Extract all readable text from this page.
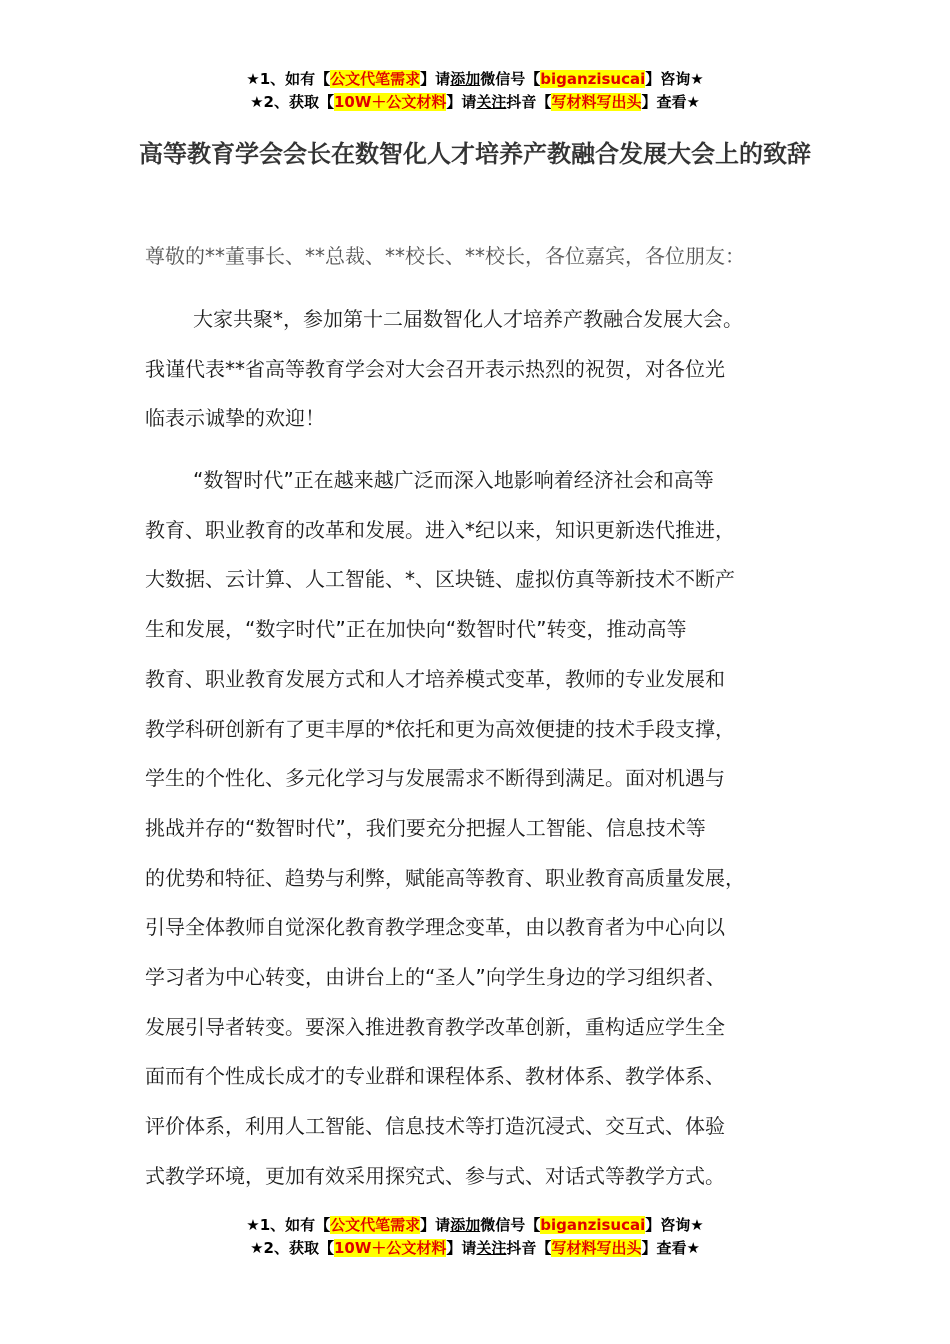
★1、如有【公文代笔需求】请添加微信号【biganzisucai】咨询★
★2、获取【10W＋公文材料】请关注抖音【写材料写出头】查看★
高等教育学会会长在数智化人才培养产教融合发展大会上的致辞

尊敬的**董事长、**总裁、**校长、**校长，各位嘉宾，各位朋友：

大家共聚*，参加第十二届数智化人才培养产教融合发展大会。
我谨代表**省高等教育学会对大会召开表示热烈的祝贺，对各位光
临表示诚挚的欢迎！

“数智时代”正在越来越广泛而深入地影响着经济社会和高等
教育、职业教育的改革和发展。进入*纪以来，知识更新迭代推进，
大数据、云计算、人工智能、*、区块链、虚拟仿真等新技术不断产
生和发展，“数字时代”正在加快向“数智时代”转变，推动高等
教育、职业教育发展方式和人才培养模式变革，教师的专业发展和
教学科研创新有了更丰厚的*依托和更为高效便捷的技术手段支撑，
学生的个性化、多元化学习与发展需求不断得到满足。面对机遇与
挑战并存的“数智时代”，我们要充分把握人工智能、信息技术等
的优势和特征、趋势与利弊，赋能高等教育、职业教育高质量发展，
引导全体教师自觉深化教育教学理念变革，由以教育者为中心向以
学习者为中心转变，由讲台上的“圣人”向学生身边的学习组织者、
发展引导者转变。要深入推进教育教学改革创新，重构适应学生全
面而有个性成长成才的专业群和课程体系、教材体系、教学体系、
评价体系，利用人工智能、信息技术等打造沉浸式、交互式、体验
式教学环境，更加有效采用探究式、参与式、对话式等教学方式。

★1、如有【公文代笔需求】请添加微信号【biganzisucai】咨询★
★2、获取【10W＋公文材料】请关注抖音【写材料写出头】查看★
